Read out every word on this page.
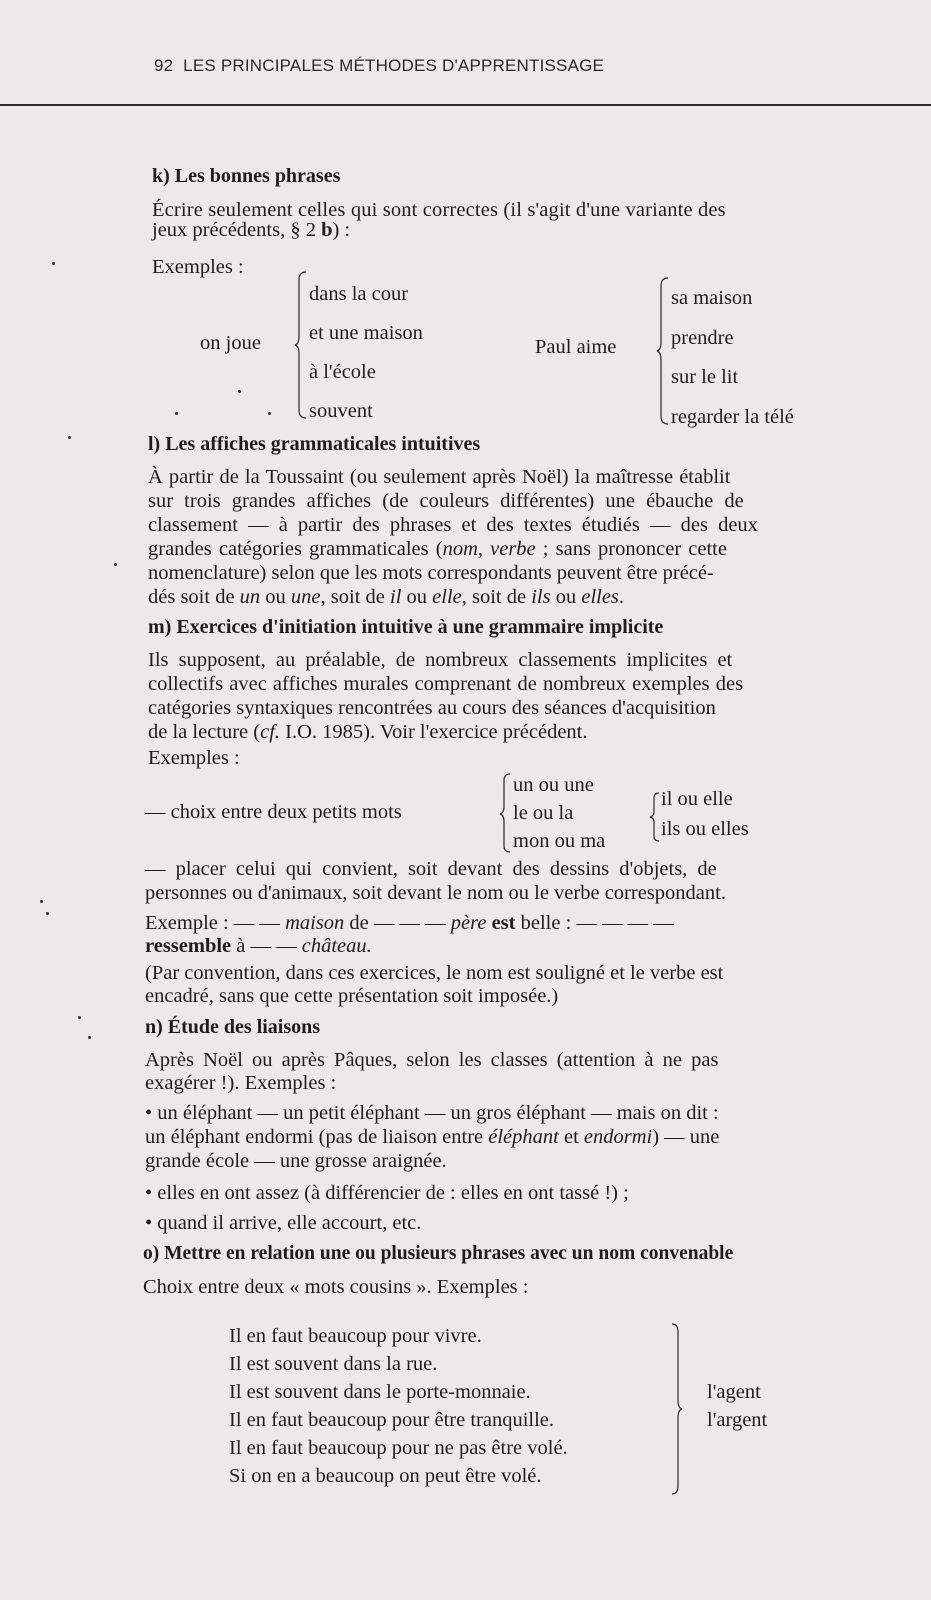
92 LES PRINCIPALES MÉTHODES D'APPRENTISSAGE
k) Les bonnes phrases
Écrire seulement celles qui sont correctes (il s'agit d'une variante des
jeux précédents, § 2 b) :
Exemples :
on joue
dans la cour
et une maison
à l'école
souvent
Paul aime
sa maison
prendre
sur le lit
regarder la télé
l) Les affiches grammaticales intuitives
À partir de la Toussaint (ou seulement après Noël) la maîtresse établit
sur trois grandes affiches (de couleurs différentes) une ébauche de
classement — à partir des phrases et des textes étudiés — des deux
grandes catégories grammaticales (nom, verbe ; sans prononcer cette
nomenclature) selon que les mots correspondants peuvent être précé-
dés soit de un ou une, soit de il ou elle, soit de ils ou elles.
m) Exercices d'initiation intuitive à une grammaire implicite
Ils supposent, au préalable, de nombreux classements implicites et
collectifs avec affiches murales comprenant de nombreux exemples des
catégories syntaxiques rencontrées au cours des séances d'acquisition
de la lecture (cf. I.O. 1985). Voir l'exercice précédent.
Exemples :
— choix entre deux petits mots
un ou une
le ou la
mon ou ma
il ou elle
ils ou elles
— placer celui qui convient, soit devant des dessins d'objets, de
personnes ou d'animaux, soit devant le nom ou le verbe correspondant.
Exemple : — — maison de — — — père est belle : — — — —
ressemble à — — château.
(Par convention, dans ces exercices, le nom est souligné et le verbe est
encadré, sans que cette présentation soit imposée.)
n) Étude des liaisons
Après Noël ou après Pâques, selon les classes (attention à ne pas
exagérer !). Exemples :
• un éléphant — un petit éléphant — un gros éléphant — mais on dit :
un éléphant endormi (pas de liaison entre éléphant et endormi) — une
grande école — une grosse araignée.
• elles en ont assez (à différencier de : elles en ont tassé !) ;
• quand il arrive, elle accourt, etc.
o) Mettre en relation une ou plusieurs phrases avec un nom convenable
Choix entre deux « mots cousins ». Exemples :
Il en faut beaucoup pour vivre.
Il est souvent dans la rue.
Il est souvent dans le porte-monnaie.
Il en faut beaucoup pour être tranquille.
Il en faut beaucoup pour ne pas être volé.
Si on en a beaucoup on peut être volé.
l'agent
l'argent
